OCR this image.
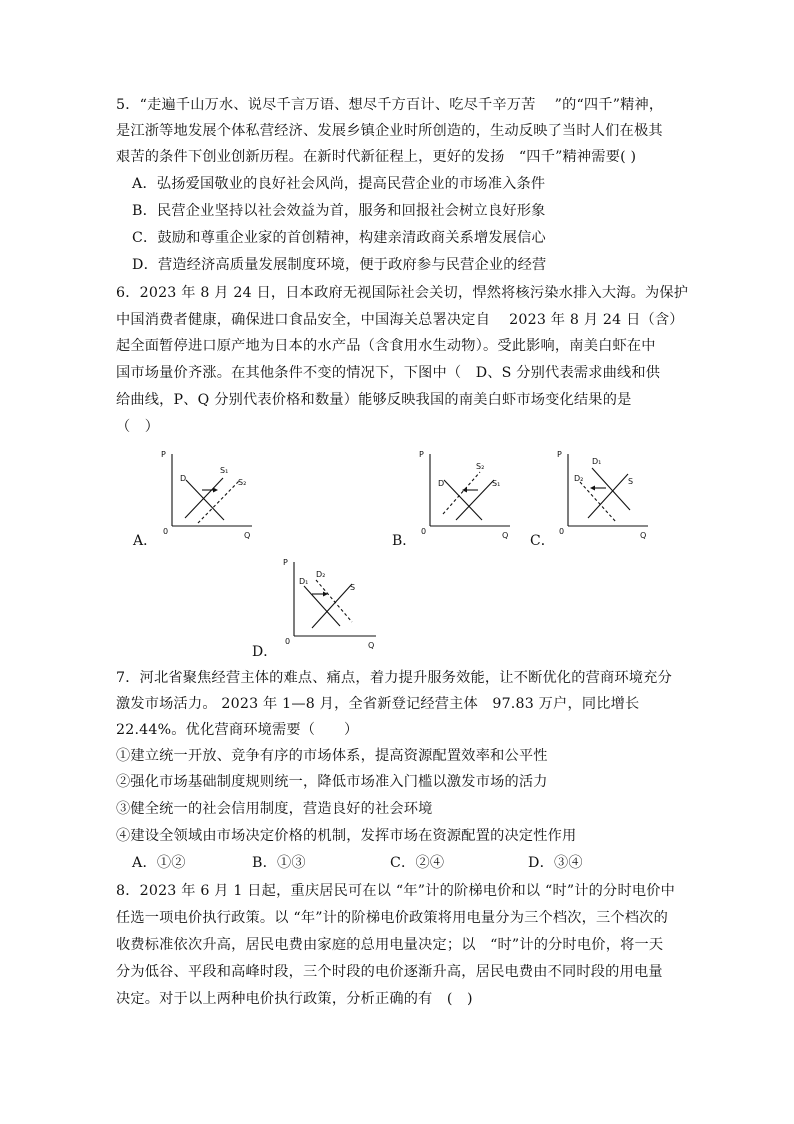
5．“走遍千山万水、说尽千言万语、想尽千方百计、吃尽千辛万苦　 ”的“四千”精神，
是江浙等地发展个体私营经济、发展乡镇企业时所创造的，生动反映了当时人们在极其
艰苦的条件下创业创新历程。在新时代新征程上，更好的发扬　“四千”精神需要( )
A．弘扬爱国敬业的良好社会风尚，提高民营企业的市场准入条件
B．民营企业坚持以社会效益为首，服务和回报社会树立良好形象
C．鼓励和尊重企业家的首创精神，构建亲清政商关系增发展信心
D．营造经济高质量发展制度环境，便于政府参与民营企业的经营
6．2023 年 8 月 24 日，日本政府无视国际社会关切，悍然将核污染水排入大海。为保护
中国消费者健康，确保进口食品安全，中国海关总署决定自　 2023 年 8 月 24 日（含）
起全面暂停进口原产地为日本的水产品（含食用水生动物）。受此影响，南美白虾在中
国市场量价齐涨。在其他条件不变的情况下，下图中（　D、S 分别代表需求曲线和供
给曲线，P、Q 分别代表价格和数量）能够反映我国的南美白虾市场变化结果的是
（　）
A．
P
Q
0
D
S₁
S₂
B．
P
Q
0
D
S₂
S₁
C．
P
Q
0
D₂
D₁
S
D．
P
Q
0
D₁
D₂
S
7．河北省聚焦经营主体的难点、痛点，着力提升服务效能，让不断优化的营商环境充分
激发市场活力。 2023 年 1—8 月，全省新登记经营主体　97.83 万户，同比增长
22.44%。优化营商环境需要（　　）
①建立统一开放、竞争有序的市场体系，提高资源配置效率和公平性
②强化市场基础制度规则统一，降低市场准入门槛以激发市场的活力
③健全统一的社会信用制度，营造良好的社会环境
④建设全领域由市场决定价格的机制，发挥市场在资源配置的决定性作用
A．①②	B．①③	C．②④	D．③④
8．2023 年 6 月 1 日起，重庆居民可在以 “年”计的阶梯电价和以 “时”计的分时电价中
任选一项电价执行政策。以 “年”计的阶梯电价政策将用电量分为三个档次，三个档次的
收费标准依次升高，居民电费由家庭的总用电量决定；以　“时”计的分时电价，将一天
分为低谷、平段和高峰时段，三个时段的电价逐渐升高，居民电费由不同时段的用电量
决定。对于以上两种电价执行政策，分析正确的有　(　)
